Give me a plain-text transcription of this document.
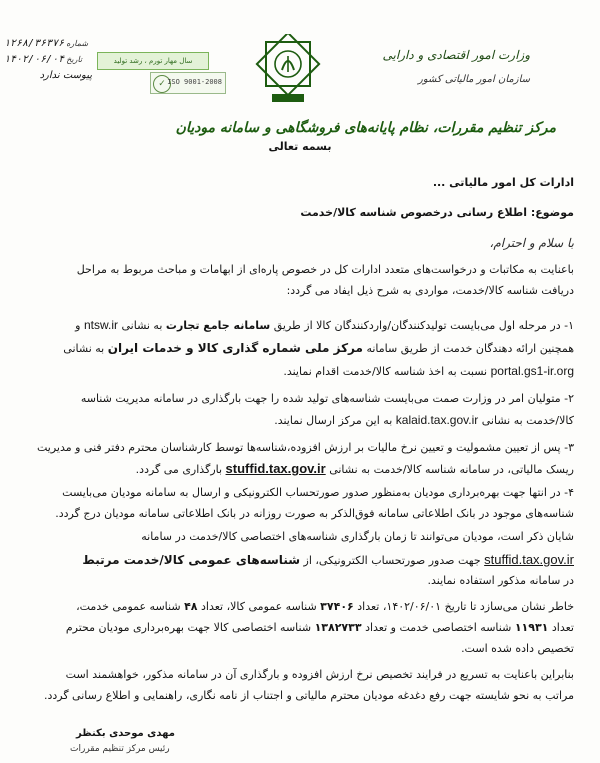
۱۲۶۸/۳۶۳۷۶ شماره
۱۴۰۲/۰۶/۰۴ تاریخ
پیوست ندارد
سال مهار تورم ، رشد تولید
✓ ISO 9001-2008
وزارت امور اقتصادی و دارایی
سازمان امور مالیاتی کشور
مرکز تنظیم مقررات، نظام پایانه‌های فروشگاهی و سامانه مودیان
بسمه تعالی
ادارات کل امور مالیاتی ...
موضوع: اطلاع رسانی درخصوص شناسه کالا/خدمت
با سلام و احترام،
باعنایت به مکاتبات و درخواست‌های متعدد ادارات کل در خصوص پاره‌ای از ابهامات و مباحث مربوط به مراحل
دریافت شناسه کالا/خدمت، مواردی به شرح ذیل ایفاد می گردد:
۱- در مرحله اول می‌بایست تولیدکنندگان/واردکنندگان کالا از طریق سامانه جامع تجارت به نشانی ntsw.ir و
همچنین ارائه دهندگان خدمت از طریق سامانه مرکز ملی شماره گذاری کالا و خدمات ایران به نشانی
portal.gs1-ir.org نسبت به اخذ شناسه کالا/خدمت اقدام نمایند.
۲- متولیان امر در وزارت صمت می‌بایست شناسه‌های تولید شده را جهت بارگذاری در سامانه مدیریت شناسه
کالا/خدمت به نشانی kalaid.tax.gov.ir به این مرکز ارسال نمایند.
۳- پس از تعیین مشمولیت و تعیین نرخ مالیات بر ارزش افزوده،شناسه‌ها توسط کارشناسان محترم دفتر فنی و مدیریت
ریسک مالیاتی، در سامانه شناسه کالا/خدمت به نشانی stuffid.tax.gov.ir بارگذاری می گردد.
۴- در انتها جهت بهره‌برداری مودیان به‌منظور صدور صورتحساب الکترونیکی و ارسال به سامانه مودیان می‌بایست
شناسه‌های موجود در بانک اطلاعاتی سامانه فوق‌الذکر به صورت روزانه در بانک اطلاعاتی سامانه مودیان درج گردد.
شایان ذکر است، مودیان می‌توانند تا زمان بارگذاری شناسه‌های اختصاصی کالا/خدمت در سامانه
stuffid.tax.gov.ir جهت صدور صورتحساب الکترونیکی، از شناسه‌های عمومی کالا/خدمت مرتبط
در سامانه مذکور استفاده نمایند.
خاطر نشان می‌سازد تا تاریخ ۱۴۰۲/۰۶/۰۱، تعداد ۳۷۴۰۶ شناسه عمومی کالا، تعداد ۴۸ شناسه عمومی خدمت،
تعداد ۱۱۹۳۱ شناسه اختصاصی خدمت و تعداد ۱۳۸۲۷۳۳ شناسه اختصاصی کالا جهت بهره‌برداری مودیان محترم
تخصیص داده شده است.
بنابراین باعنایت به تسریع در فرایند تخصیص نرخ ارزش افزوده و بارگذاری آن در سامانه مذکور، خواهشمند است
مراتب به نحو شایسته جهت رفع دغدغه مودیان محترم مالیاتی و اجتناب از نامه نگاری، راهنمایی و اطلاع رسانی گردد.
مهدی موحدی بکنظر
رئیس مرکز تنظیم مقررات
